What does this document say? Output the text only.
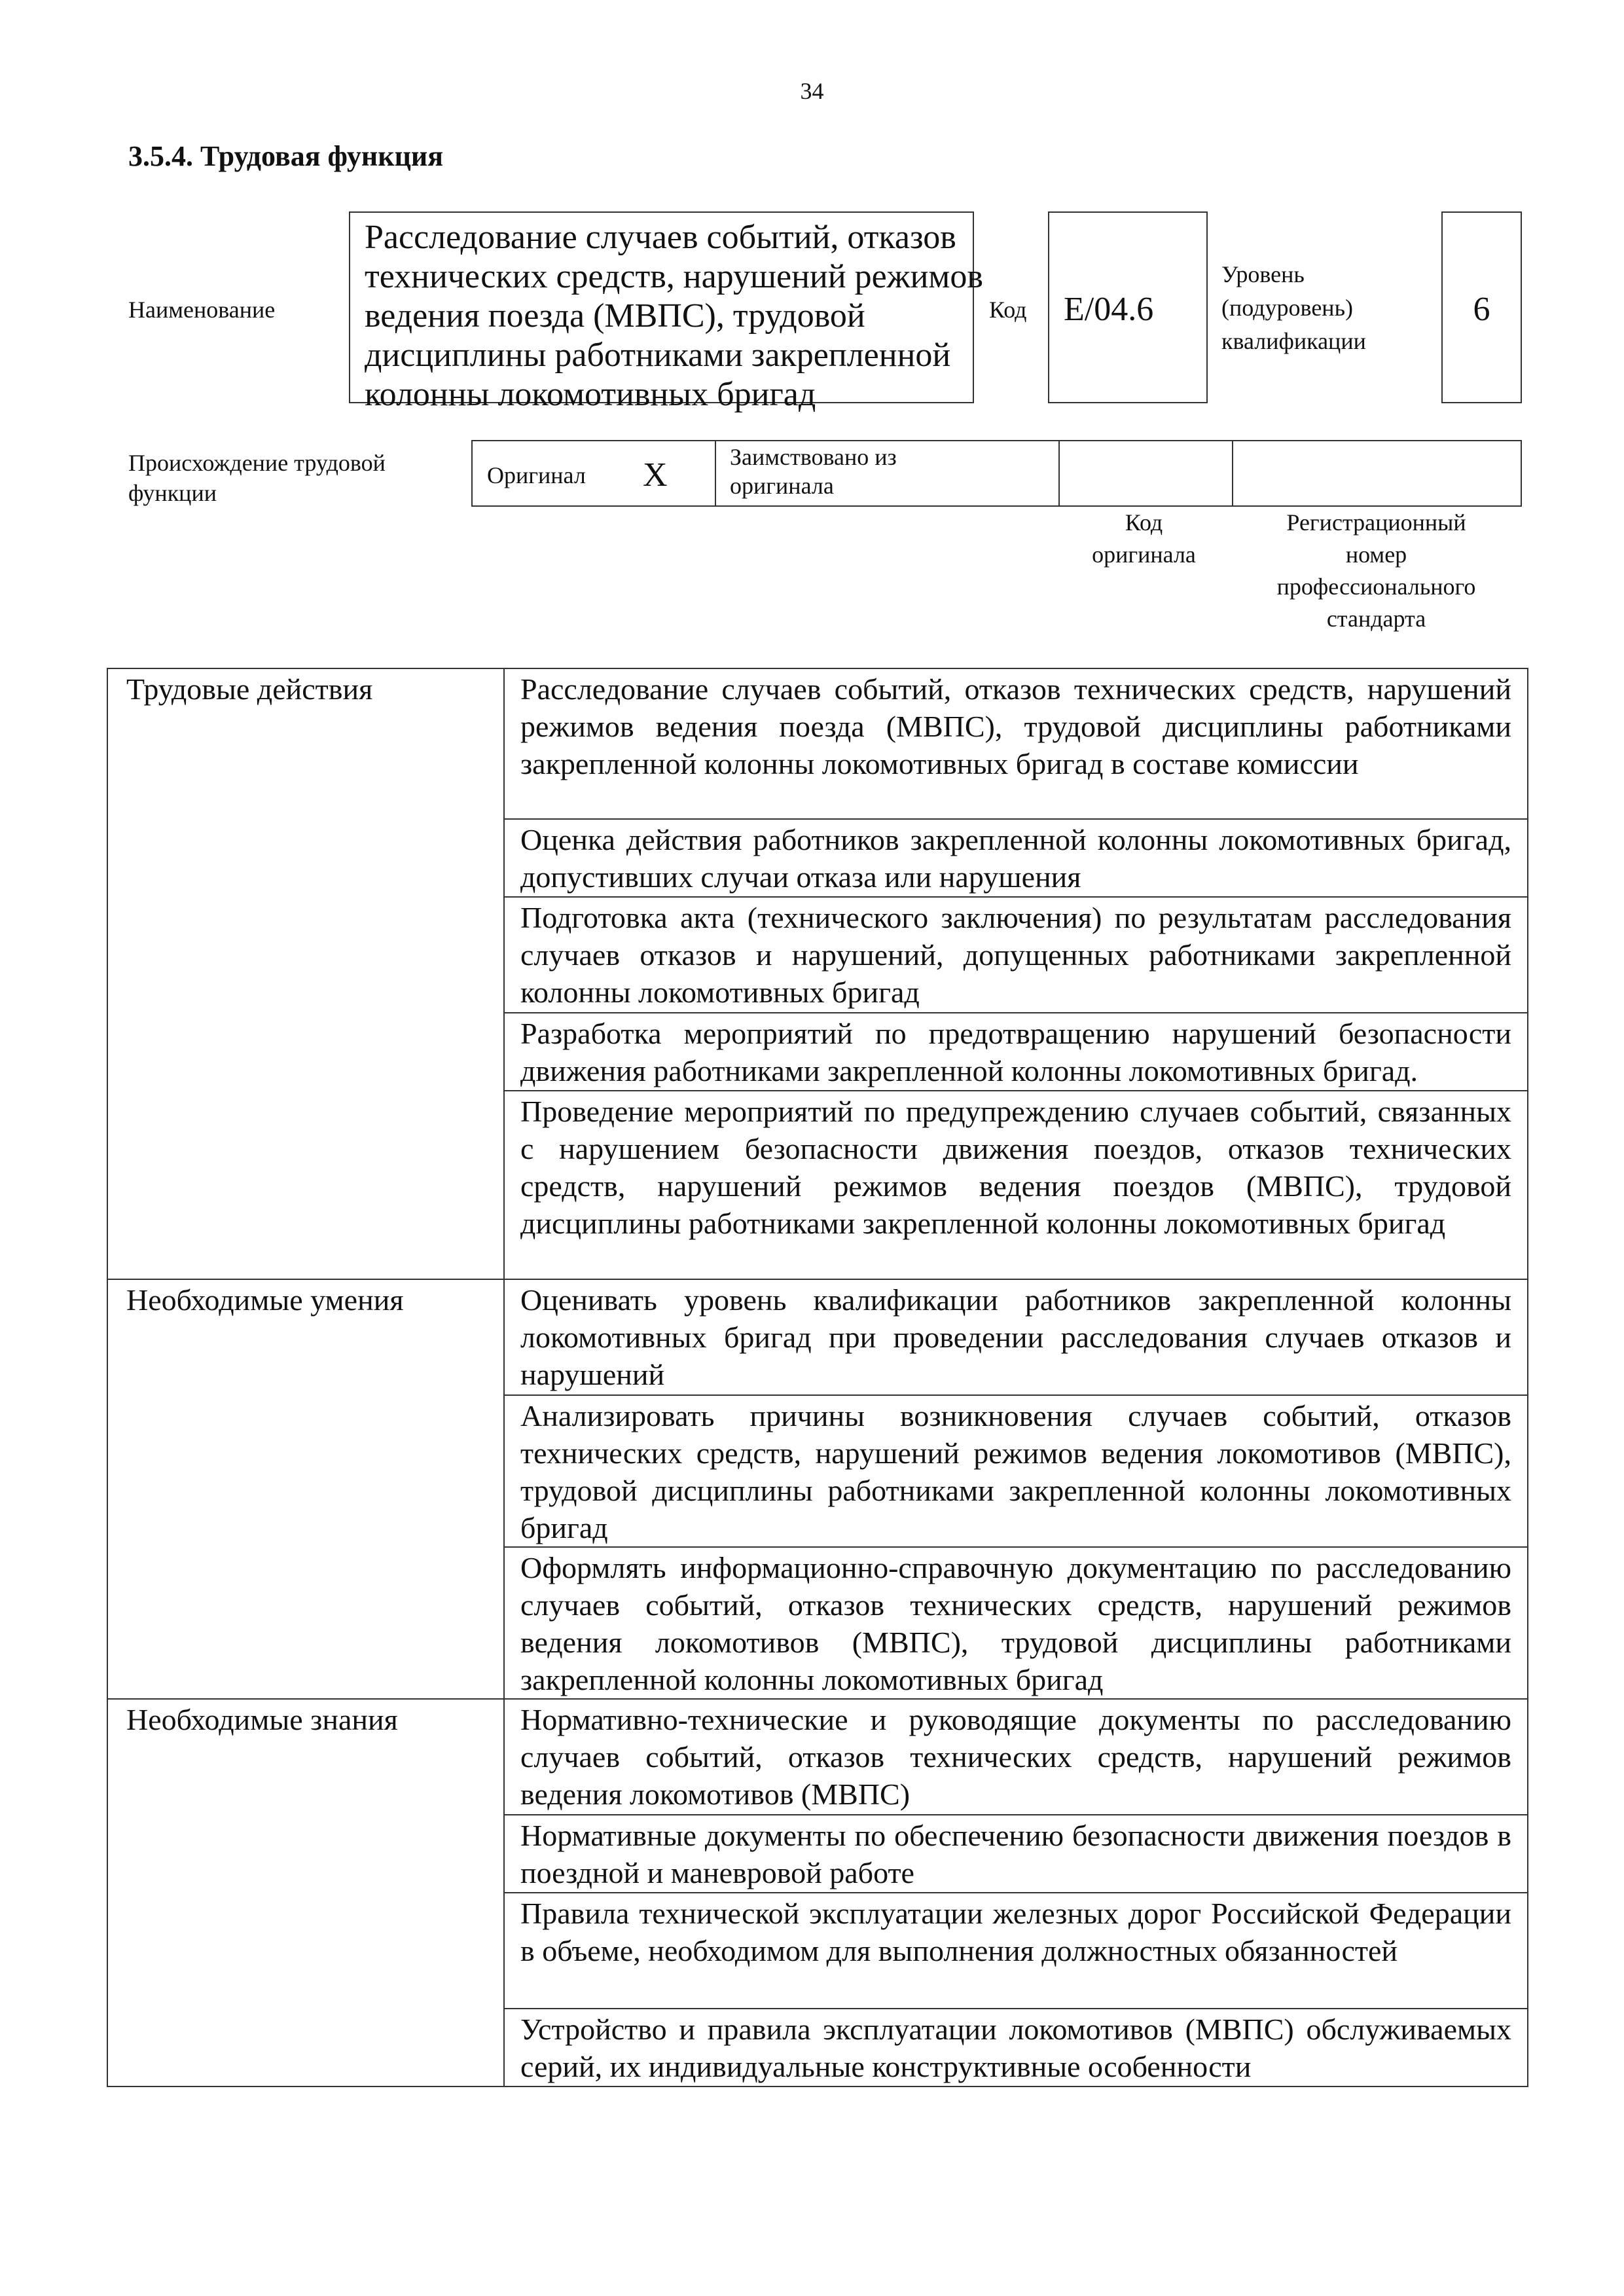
34
3.5.4. Трудовая функция
Наименование
Расследование случаев событий, отказов
технических средств, нарушений режимов
ведения поезда (МВПС), трудовой
дисциплины работниками закрепленной
колонны локомотивных бригад
Код E/04.6
Уровень
(подуровень)
квалификации
6
Происхождение трудовой
функции
Оригинал X	Заимствовано из
оригинала
Код
оригинала
Регистрационный
номер
профессионального
стандарта
Трудовые действия	Расследование случаев событий, отказов технических средств, нарушений режимов ведения поезда (МВПС), трудовой дисциплины работниками закрепленной колонны локомотивных бригад в составе комиссии
	Оценка действия работников закрепленной колонны локомотивных бригад, допустивших случаи отказа или нарушения
	Подготовка акта (технического заключения) по результатам расследования случаев отказов и нарушений, допущенных работниками закрепленной колонны локомотивных бригад
	Разработка мероприятий по предотвращению нарушений безопасности движения работниками закрепленной колонны локомотивных бригад.
	Проведение мероприятий по предупреждению случаев событий, связанных с нарушением безопасности движения поездов, отказов технических средств, нарушений режимов ведения поездов (МВПС), трудовой дисциплины работниками закрепленной колонны локомотивных бригад
Необходимые умения	Оценивать уровень квалификации работников закрепленной колонны локомотивных бригад при проведении расследования случаев отказов и нарушений
	Анализировать причины возникновения случаев событий, отказов технических средств, нарушений режимов ведения локомотивов (МВПС), трудовой дисциплины работниками закрепленной колонны локомотивных бригад
	Оформлять информационно-справочную документацию по расследованию случаев событий, отказов технических средств, нарушений режимов ведения локомотивов (МВПС), трудовой дисциплины работниками закрепленной колонны локомотивных бригад
Необходимые знания	Нормативно-технические и руководящие документы по расследованию случаев событий, отказов технических средств, нарушений режимов ведения локомотивов (МВПС)
	Нормативные документы по обеспечению безопасности движения поездов в поездной и маневровой работе
	Правила технической эксплуатации железных дорог Российской Федерации в объеме, необходимом для выполнения должностных обязанностей
	Устройство и правила эксплуатации локомотивов (МВПС) обслуживаемых серий, их индивидуальные конструктивные особенности
